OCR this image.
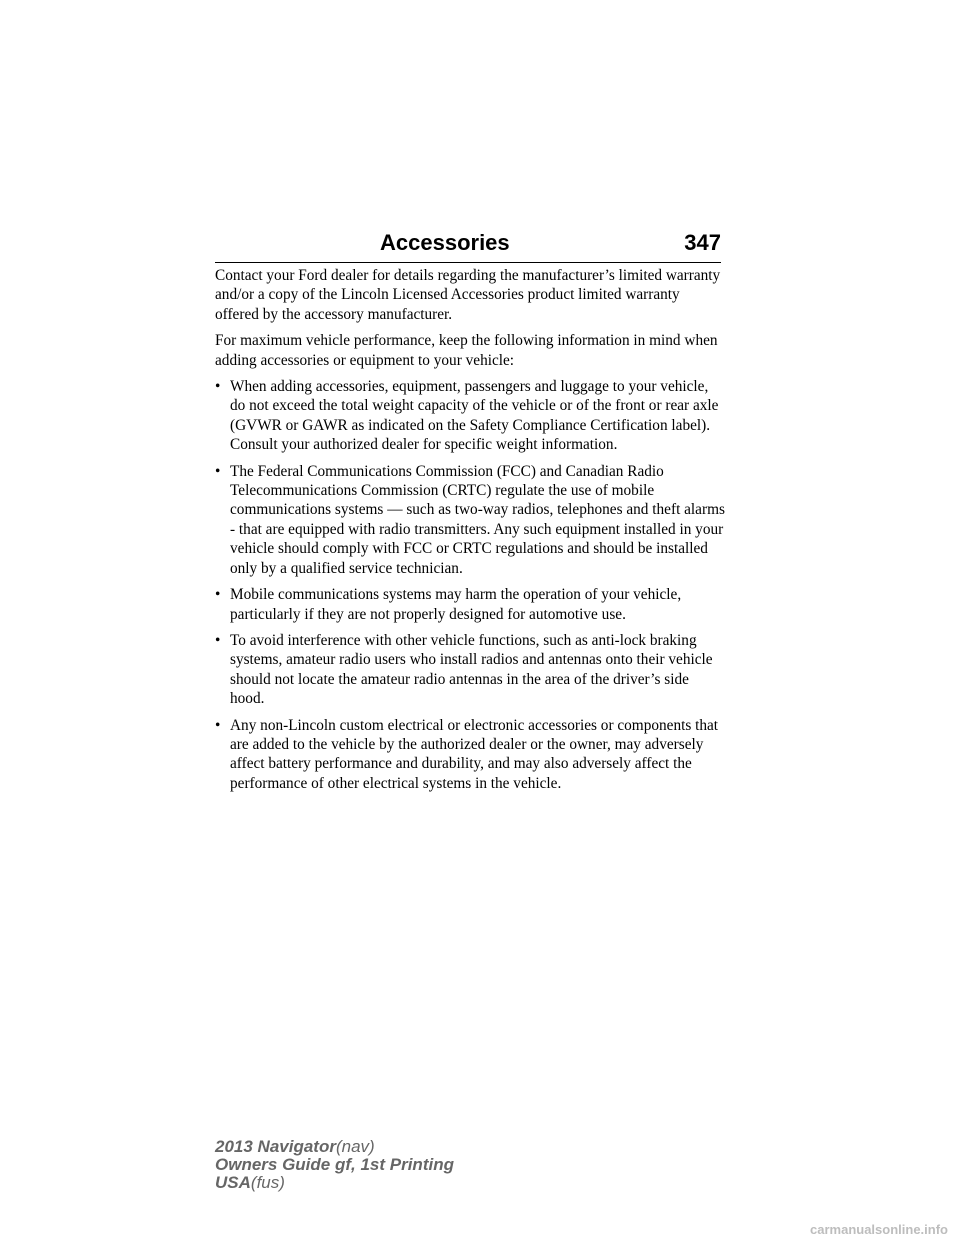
Accessories	347

Contact your Ford dealer for details regarding the manufacturer’s limited warranty and/or a copy of the Lincoln Licensed Accessories product limited warranty offered by the accessory manufacturer.

For maximum vehicle performance, keep the following information in mind when adding accessories or equipment to your vehicle:

• When adding accessories, equipment, passengers and luggage to your vehicle, do not exceed the total weight capacity of the vehicle or of the front or rear axle (GVWR or GAWR as indicated on the Safety Compliance Certification label). Consult your authorized dealer for specific weight information.
• The Federal Communications Commission (FCC) and Canadian Radio Telecommunications Commission (CRTC) regulate the use of mobile communications systems — such as two-way radios, telephones and theft alarms - that are equipped with radio transmitters. Any such equipment installed in your vehicle should comply with FCC or CRTC regulations and should be installed only by a qualified service technician.
• Mobile communications systems may harm the operation of your vehicle, particularly if they are not properly designed for automotive use.
• To avoid interference with other vehicle functions, such as anti-lock braking systems, amateur radio users who install radios and antennas onto their vehicle should not locate the amateur radio antennas in the area of the driver’s side hood.
• Any non-Lincoln custom electrical or electronic accessories or components that are added to the vehicle by the authorized dealer or the owner, may adversely affect battery performance and durability, and may also adversely affect the performance of other electrical systems in the vehicle.
2013 Navigator(nav)
Owners Guide gf, 1st Printing
USA(fus)
carmanualsonline.info
